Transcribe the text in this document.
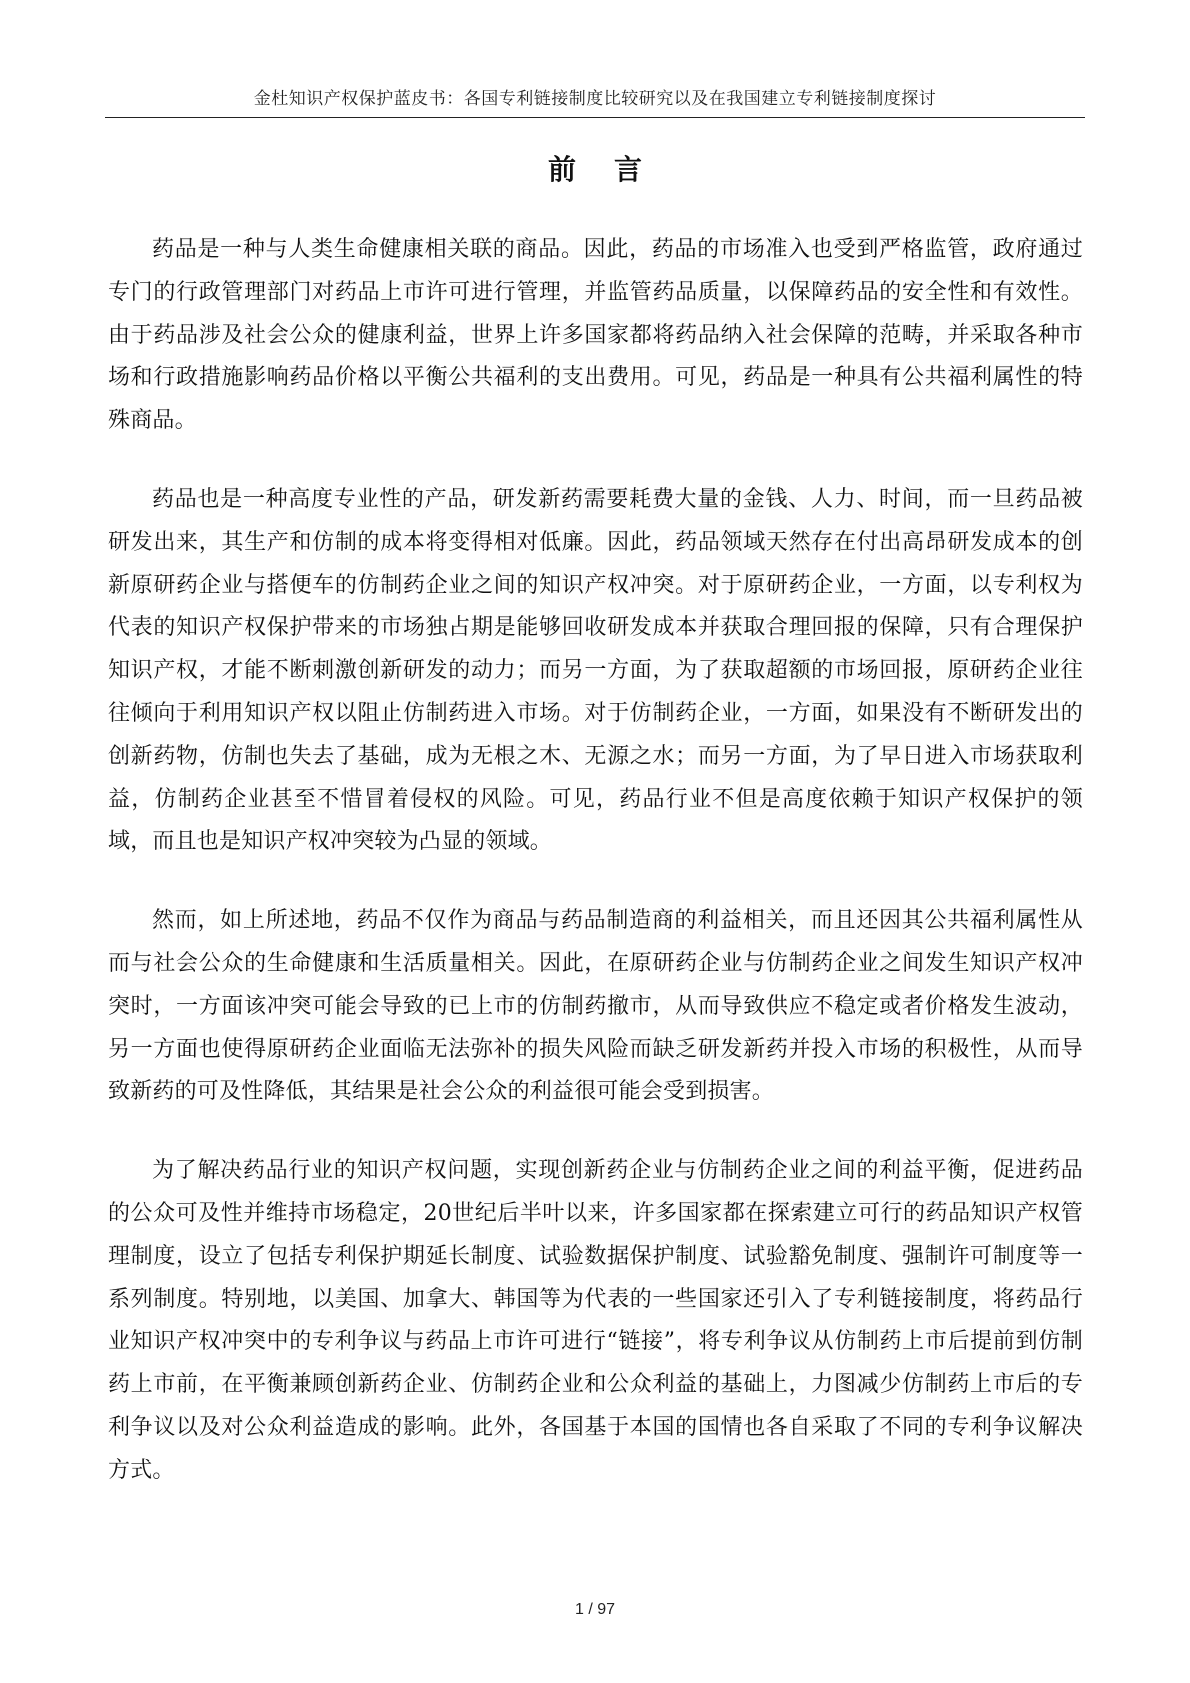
金杜知识产权保护蓝皮书：各国专利链接制度比较研究以及在我国建立专利链接制度探讨
前言

药品是一种与人类生命健康相关联的商品。因此，药品的市场准入也受到严格监管，政府通过专门的行政管理部门对药品上市许可进行管理，并监管药品质量，以保障药品的安全性和有效性。由于药品涉及社会公众的健康利益，世界上许多国家都将药品纳入社会保障的范畴，并采取各种市场和行政措施影响药品价格以平衡公共福利的支出费用。可见，药品是一种具有公共福利属性的特殊商品。

药品也是一种高度专业性的产品，研发新药需要耗费大量的金钱、人力、时间，而一旦药品被研发出来，其生产和仿制的成本将变得相对低廉。因此，药品领域天然存在付出高昂研发成本的创新原研药企业与搭便车的仿制药企业之间的知识产权冲突。对于原研药企业，一方面，以专利权为代表的知识产权保护带来的市场独占期是能够回收研发成本并获取合理回报的保障，只有合理保护知识产权，才能不断刺激创新研发的动力；而另一方面，为了获取超额的市场回报，原研药企业往往倾向于利用知识产权以阻止仿制药进入市场。对于仿制药企业，一方面，如果没有不断研发出的创新药物，仿制也失去了基础，成为无根之木、无源之水；而另一方面，为了早日进入市场获取利益，仿制药企业甚至不惜冒着侵权的风险。可见，药品行业不但是高度依赖于知识产权保护的领域，而且也是知识产权冲突较为凸显的领域。

然而，如上所述地，药品不仅作为商品与药品制造商的利益相关，而且还因其公共福利属性从而与社会公众的生命健康和生活质量相关。因此，在原研药企业与仿制药企业之间发生知识产权冲突时，一方面该冲突可能会导致的已上市的仿制药撤市，从而导致供应不稳定或者价格发生波动，另一方面也使得原研药企业面临无法弥补的损失风险而缺乏研发新药并投入市场的积极性，从而导致新药的可及性降低，其结果是社会公众的利益很可能会受到损害。

为了解决药品行业的知识产权问题，实现创新药企业与仿制药企业之间的利益平衡，促进药品的公众可及性并维持市场稳定，20世纪后半叶以来，许多国家都在探索建立可行的药品知识产权管理制度，设立了包括专利保护期延长制度、试验数据保护制度、试验豁免制度、强制许可制度等一系列制度。特别地，以美国、加拿大、韩国等为代表的一些国家还引入了专利链接制度，将药品行业知识产权冲突中的专利争议与药品上市许可进行“链接”，将专利争议从仿制药上市后提前到仿制药上市前，在平衡兼顾创新药企业、仿制药企业和公众利益的基础上，力图减少仿制药上市后的专利争议以及对公众利益造成的影响。此外，各国基于本国的国情也各自采取了不同的专利争议解决方式。

1 / 97
